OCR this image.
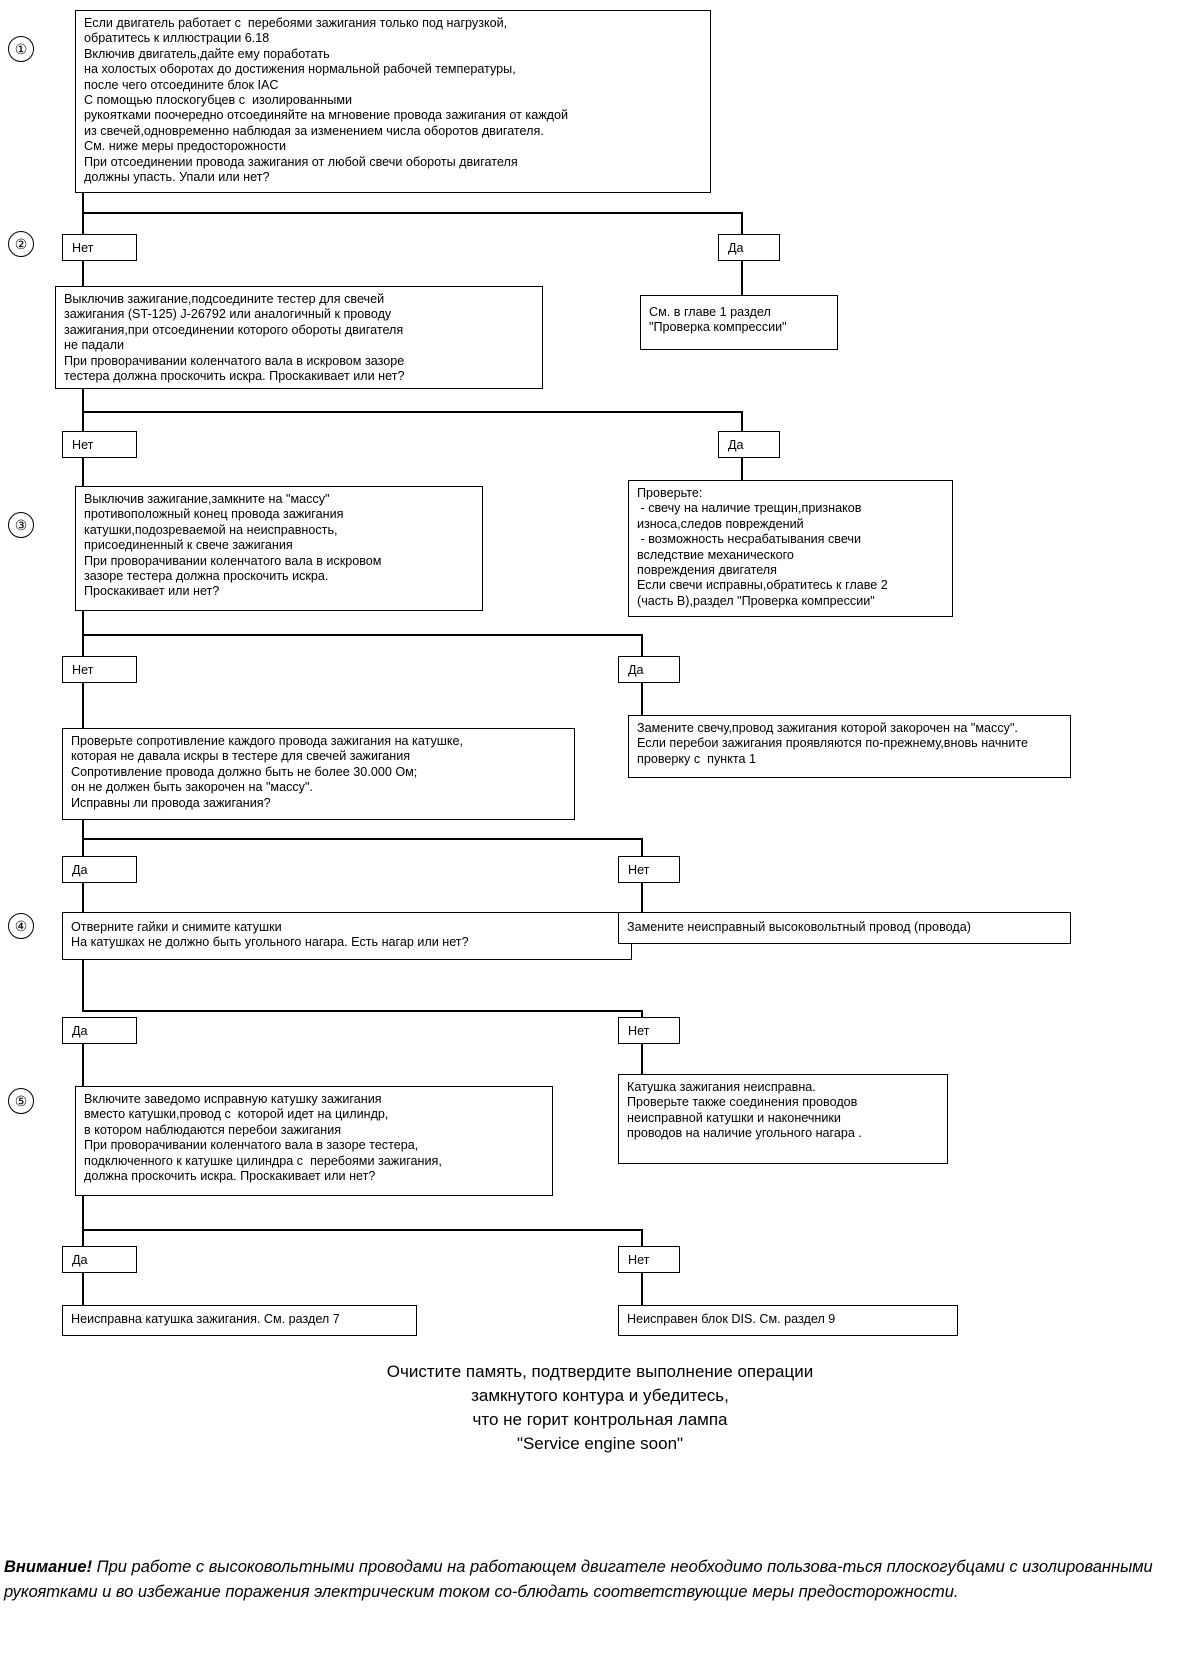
①
②
③
④
⑤
Если двигатель работает с  перебоями зажигания только под нагрузкой,
обратитесь к иллюстрации 6.18
Включив двигатель,дайте ему поработать
на холостых оборотах до достижения нормальной рабочей температуры,
после чего отсоедините блок IAC
С помощью плоскогубцев с  изолированными
рукоятками поочередно отсоединяйте на мгновение провода зажигания от каждой
из свечей,одновременно наблюдая за изменением числа оборотов двигателя.
См. ниже меры предосторожности
При отсоединении провода зажигания от любой свечи обороты двигателя
должны упасть. Упали или нет?
Нет	Да
Выключив зажигание,подсоедините тестер для свечей
зажигания (ST-125) J-26792 или аналогичный к проводу
зажигания,при отсоединении которого обороты двигателя
не падали
При проворачивании коленчатого вала в искровом зазоре
тестера должна проскочить искра. Проскакивает или нет?
См. в главе 1 раздел
"Проверка компрессии"
Нет	Да
Выключив зажигание,замкните на "массу"
противоположный конец провода зажигания
катушки,подозреваемой на неисправность,
присоединенный к свече зажигания
При проворачивании коленчатого вала в искровом
зазоре тестера должна проскочить искра.
Проскакивает или нет?
Проверьте:
- свечу на наличие трещин,признаков
износа,следов повреждений
- возможность несрабатывания свечи
вследствие механического
повреждения двигателя
Если свечи исправны,обратитесь к главе 2
(часть В),раздел "Проверка компрессии"
Нет	Да
Проверьте сопротивление каждого провода зажигания на катушке,
которая не давала искры в тестере для свечей зажигания
Сопротивление провода должно быть не более 30.000 Ом;
он не должен быть закорочен на "массу".
Исправны ли провода зажигания?
Замените свечу,провод зажигания которой закорочен на "массу".
Если перебои зажигания проявляются по-прежнему,вновь начните
проверку с  пункта 1
Да	Нет
Отверните гайки и снимите катушки
На катушках не должно быть угольного нагара. Есть нагар или нет?
Замените неисправный высоковольтный провод (провода)
Да	Нет
Включите заведомо исправную катушку зажигания
вместо катушки,провод с  которой идет на цилиндр,
в котором наблюдаются перебои зажигания
При проворачивании коленчатого вала в зазоре тестера,
подключенного к катушке цилиндра с  перебоями зажигания,
должна проскочить искра. Проскакивает или нет?
Катушка зажигания неисправна.
Проверьте также соединения проводов
неисправной катушки и наконечники
проводов на наличие угольного нагара .
Да	Нет
Неисправна катушка зажигания. См. раздел 7	Неисправен блок DIS. См. раздел 9
Очистите память, подтвердите выполнение операции
замкнутого контура и убедитесь,
что не горит контрольная лампа
"Service engine soon"
Внимание! При работе с высоковольтными проводами на работающем двигателе необходимо пользова-ться плоскогубцами с изолированными рукоятками и во избежание поражения электрическим током со-блюдать соответствующие меры предосторожности.
